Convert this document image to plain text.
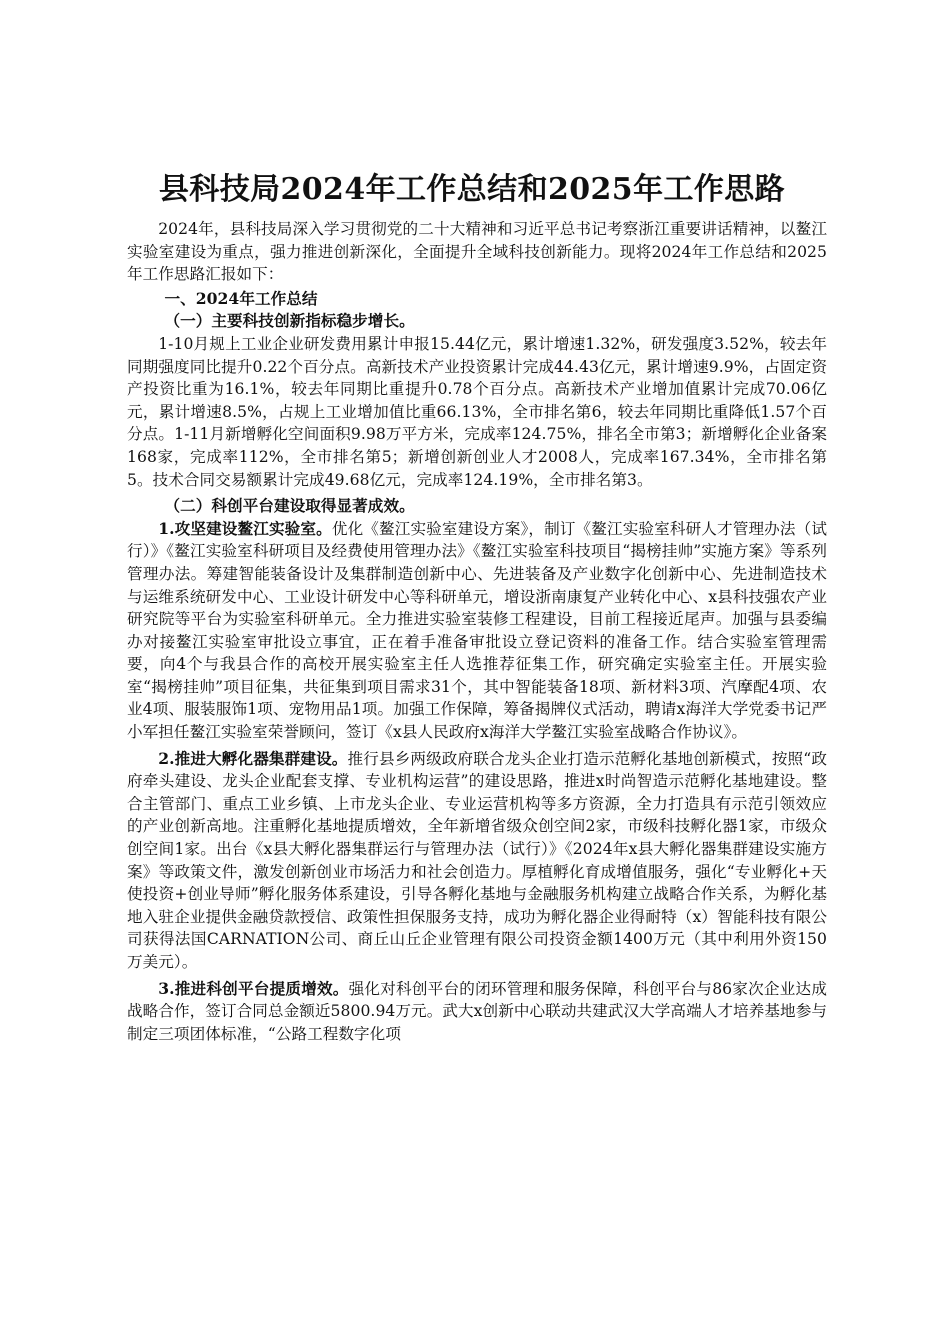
县科技局2024年工作总结和2025年工作思路

2024年，县科技局深入学习贯彻党的二十大精神和习近平总书记考察浙江重要讲话精神，以鳌江实验室建设为重点，强力推进创新深化，全面提升全域科技创新能力。现将2024年工作总结和2025年工作思路汇报如下：

一、2024年工作总结

（一）主要科技创新指标稳步增长。

1-10月规上工业企业研发费用累计申报15.44亿元，累计增速1.32%，研发强度3.52%，较去年同期强度同比提升0.22个百分点。高新技术产业投资累计完成44.43亿元，累计增速9.9%，占固定资产投资比重为16.1%，较去年同期比重提升0.78个百分点。高新技术产业增加值累计完成70.06亿元，累计增速8.5%，占规上工业增加值比重66.13%，全市排名第6，较去年同期比重降低1.57个百分点。1-11月新增孵化空间面积9.98万平方米，完成率124.75%，排名全市第3；新增孵化企业备案168家，完成率112%，全市排名第5；新增创新创业人才2008人，完成率167.34%，全市排名第5。技术合同交易额累计完成49.68亿元，完成率124.19%，全市排名第3。

（二）科创平台建设取得显著成效。

1.攻坚建设鳌江实验室。优化《鳌江实验室建设方案》，制订《鳌江实验室科研人才管理办法（试行）》《鳌江实验室科研项目及经费使用管理办法》《鳌江实验室科技项目“揭榜挂帅”实施方案》等系列管理办法。筹建智能装备设计及集群制造创新中心、先进装备及产业数字化创新中心、先进制造技术与运维系统研发中心、工业设计研发中心等科研单元，增设浙南康复产业转化中心、x县科技强农产业研究院等平台为实验室科研单元。全力推进实验室装修工程建设，目前工程接近尾声。加强与县委编办对接鳌江实验室审批设立事宜，正在着手准备审批设立登记资料的准备工作。结合实验室管理需要，向4个与我县合作的高校开展实验室主任人选推荐征集工作，研究确定实验室主任。开展实验室“揭榜挂帅”项目征集，共征集到项目需求31个，其中智能装备18项、新材料3项、汽摩配4项、农业4项、服装服饰1项、宠物用品1项。加强工作保障，筹备揭牌仪式活动，聘请x海洋大学党委书记严小军担任鳌江实验室荣誉顾问，签订《x县人民政府x海洋大学鳌江实验室战略合作协议》。

2.推进大孵化器集群建设。推行县乡两级政府联合龙头企业打造示范孵化基地创新模式，按照“政府牵头建设、龙头企业配套支撑、专业机构运营”的建设思路，推进x时尚智造示范孵化基地建设。整合主管部门、重点工业乡镇、上市龙头企业、专业运营机构等多方资源，全力打造具有示范引领效应的产业创新高地。注重孵化基地提质增效，全年新增省级众创空间2家，市级科技孵化器1家，市级众创空间1家。出台《x县大孵化器集群运行与管理办法（试行）》《2024年x县大孵化器集群建设实施方案》等政策文件，激发创新创业市场活力和社会创造力。厚植孵化育成增值服务，强化“专业孵化+天使投资+创业导师”孵化服务体系建设，引导各孵化基地与金融服务机构建立战略合作关系，为孵化基地入驻企业提供金融贷款授信、政策性担保服务支持，成功为孵化器企业得耐特（x）智能科技有限公司获得法国CARNATION公司、商丘山丘企业管理有限公司投资金额1400万元（其中利用外资150万美元）。

3.推进科创平台提质增效。强化对科创平台的闭环管理和服务保障，科创平台与86家次企业达成战略合作，签订合同总金额近5800.94万元。武大x创新中心联动共建武汉大学高端人才培养基地参与制定三项团体标准，“公路工程数字化项
